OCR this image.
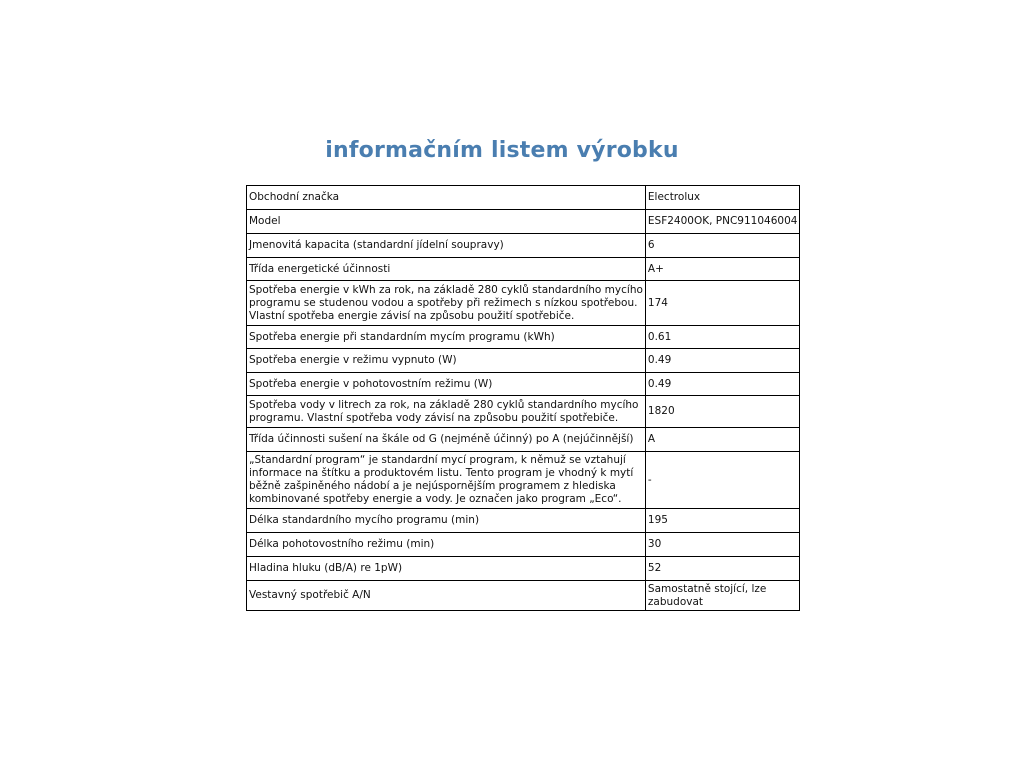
informačním listem výrobku
Obchodní značka	Electrolux

Model	ESF2400OK, PNC911046004

Jmenovitá kapacita (standardní jídelní soupravy)	6

Třída energetické účinnosti	A+

Spotřeba energie v kWh za rok, na základě 280 cyklů standardního mycího
programu se studenou vodou a spotřeby při režimech s nízkou spotřebou.
Vlastní spotřeba energie závisí na způsobu použití spotřebiče.	174

Spotřeba energie při standardním mycím programu (kWh)	0.61

Spotřeba energie v režimu vypnuto (W)	0.49

Spotřeba energie v pohotovostním režimu (W)	0.49

Spotřeba vody v litrech za rok, na základě 280 cyklů standardního mycího
programu. Vlastní spotřeba vody závisí na způsobu použití spotřebiče.	1820

Třída účinnosti sušení na škále od G (nejméně účinný) po A (nejúčinnější)	A

„Standardní program“ je standardní mycí program, k němuž se vztahují
informace na štítku a produktovém listu. Tento program je vhodný k mytí
běžně zašpiněného nádobí a je nejúspornějším programem z hlediska
kombinované spotřeby energie a vody. Je označen jako program „Eco“.	-

Délka standardního mycího programu (min)	195

Délka pohotovostního režimu (min)	30

Hladina hluku (dB/A) re 1pW)	52

Vestavný spotřebič A/N	Samostatně stojící, lze
zabudovat
